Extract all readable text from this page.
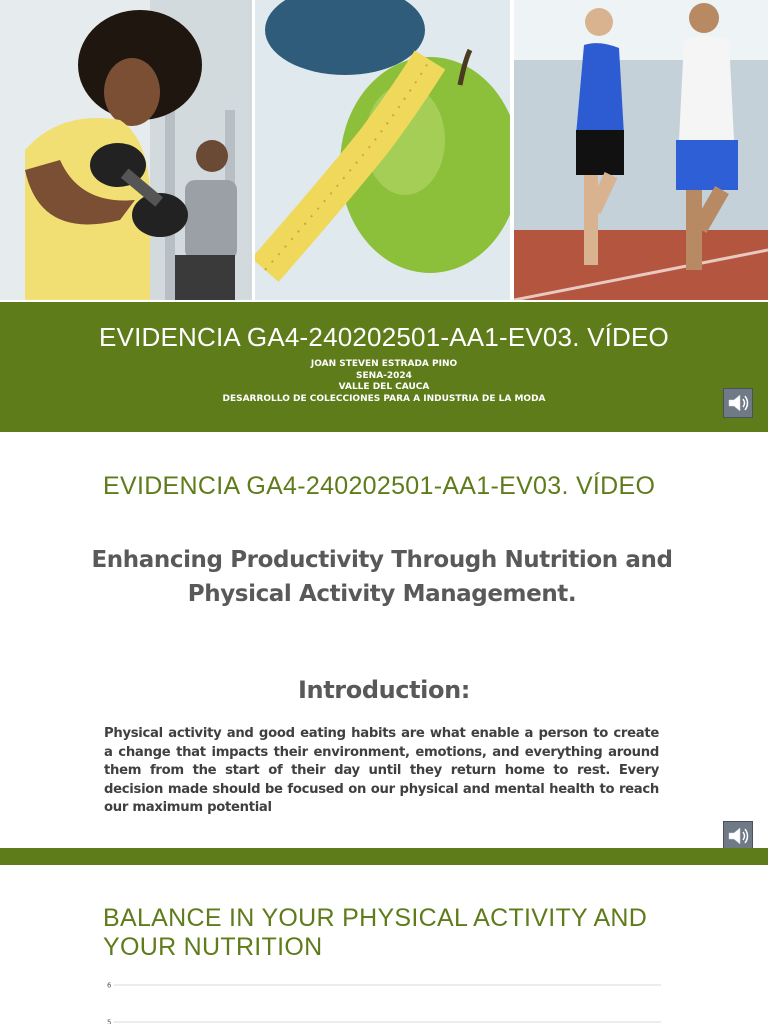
EVIDENCIA GA4-240202501-AA1-EV03. VÍDEO
JOAN STEVEN ESTRADA PINO
SENA-2024
VALLE DEL CAUCA
DESARROLLO DE COLECCIONES PARA A INDUSTRIA DE LA MODA
EVIDENCIA GA4-240202501-AA1-EV03. VÍDEO
Enhancing Productivity Through Nutrition and Physical Activity Management.
Introduction:
Physical activity and good eating habits are what enable a person to create a change that impacts their environment, emotions, and everything around them from the start of their day until they return home to rest. Every decision made should be focused on our physical and mental health to reach our maximum potential
BALANCE IN YOUR PHYSICAL ACTIVITY AND YOUR NUTRITION
6
5
